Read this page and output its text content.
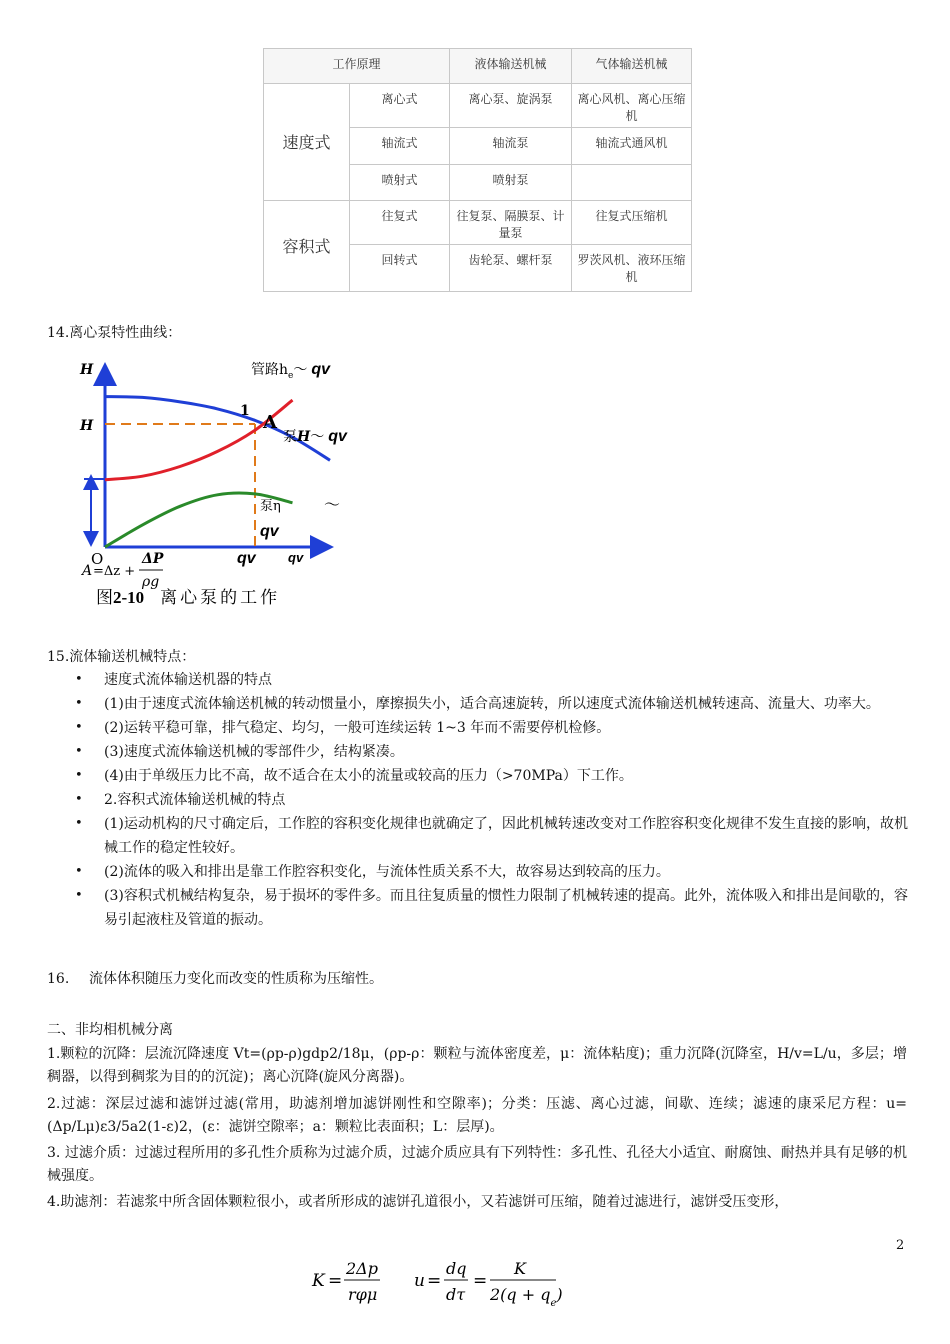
工作原理		液体输送机械	气体输送机械
速度式	离心式	离心泵、旋涡泵	离心风机、离心压缩机
	轴流式	轴流泵	轴流式通风机
	喷射式	喷射泵	
容积式	往复式	往复泵、隔膜泵、计量泵	往复式压缩机
	回转式	齿轮泵、螺杆泵	罗茨风机、液环压缩机
14.离心泵特性曲线：
H
H
1
A
管路$h_e\sim$ qv
泵H～ qv
泵η	～
qv
O	qv qv
A =Δz +
ΔP
ρg
图2-10 离心泵的工作
15.流体输送机械特点：
• 速度式流体输送机器的特点
• (1)由于速度式流体输送机械的转动惯量小，摩擦损失小，适合高速旋转，所以速度式流体输送机械转速高、流量大、功率大。
• (2)运转平稳可靠，排气稳定、均匀，一般可连续运转 1~3 年而不需要停机检修。
• (3)速度式流体输送机械的零部件少，结构紧凑。
• (4)由于单级压力比不高，故不适合在太小的流量或较高的压力（>70MPa）下工作。
• 2.容积式流体输送机械的特点
• (1)运动机构的尺寸确定后，工作腔的容积变化规律也就确定了，因此机械转速改变对工作腔容积变化规律不发生直接的影响，故机械工作的稳定性较好。
• (2)流体的吸入和排出是靠工作腔容积变化，与流体性质关系不大，故容易达到较高的压力。
• (3)容积式机械结构复杂，易于损坏的零件多。而且往复质量的惯性力限制了机械转速的提高。此外，流体吸入和排出是间歇的，容易引起液柱及管道的振动。
16. 流体体积随压力变化而改变的性质称为压缩性。
二、非均相机械分离
1.颗粒的沉降：层流沉降速度 Vt=(ρp-ρ)gdp2/18μ，(ρp-ρ：颗粒与流体密度差，μ：流体粘度)；重力沉降(沉降室，H/v=L/u，多层；增稠器，以得到稠浆为目的的沉淀)；离心沉降(旋风分离器)。
2.过滤：深层过滤和滤饼过滤(常用，助滤剂增加滤饼刚性和空隙率)；分类：压滤、离心过滤，间歇、连续；滤速的康采尼方程：u=(Δp/Lμ)ε3/5a2(1-ε)2，(ε：滤饼空隙率；a：颗粒比表面积；L：层厚)。
3. 过滤介质：过滤过程所用的多孔性介质称为过滤介质，过滤介质应具有下列特性：多孔性、孔径大小适宜、耐腐蚀、耐热并具有足够的机械强度。
4.助滤剂：若滤浆中所含固体颗粒很小，或者所形成的滤饼孔道很小，又若滤饼可压缩，随着过滤进行，滤饼受压变形，
2
K =
2Δp
rφμ
u =
dq
dτ
=
K
$2(q + q_e)$
